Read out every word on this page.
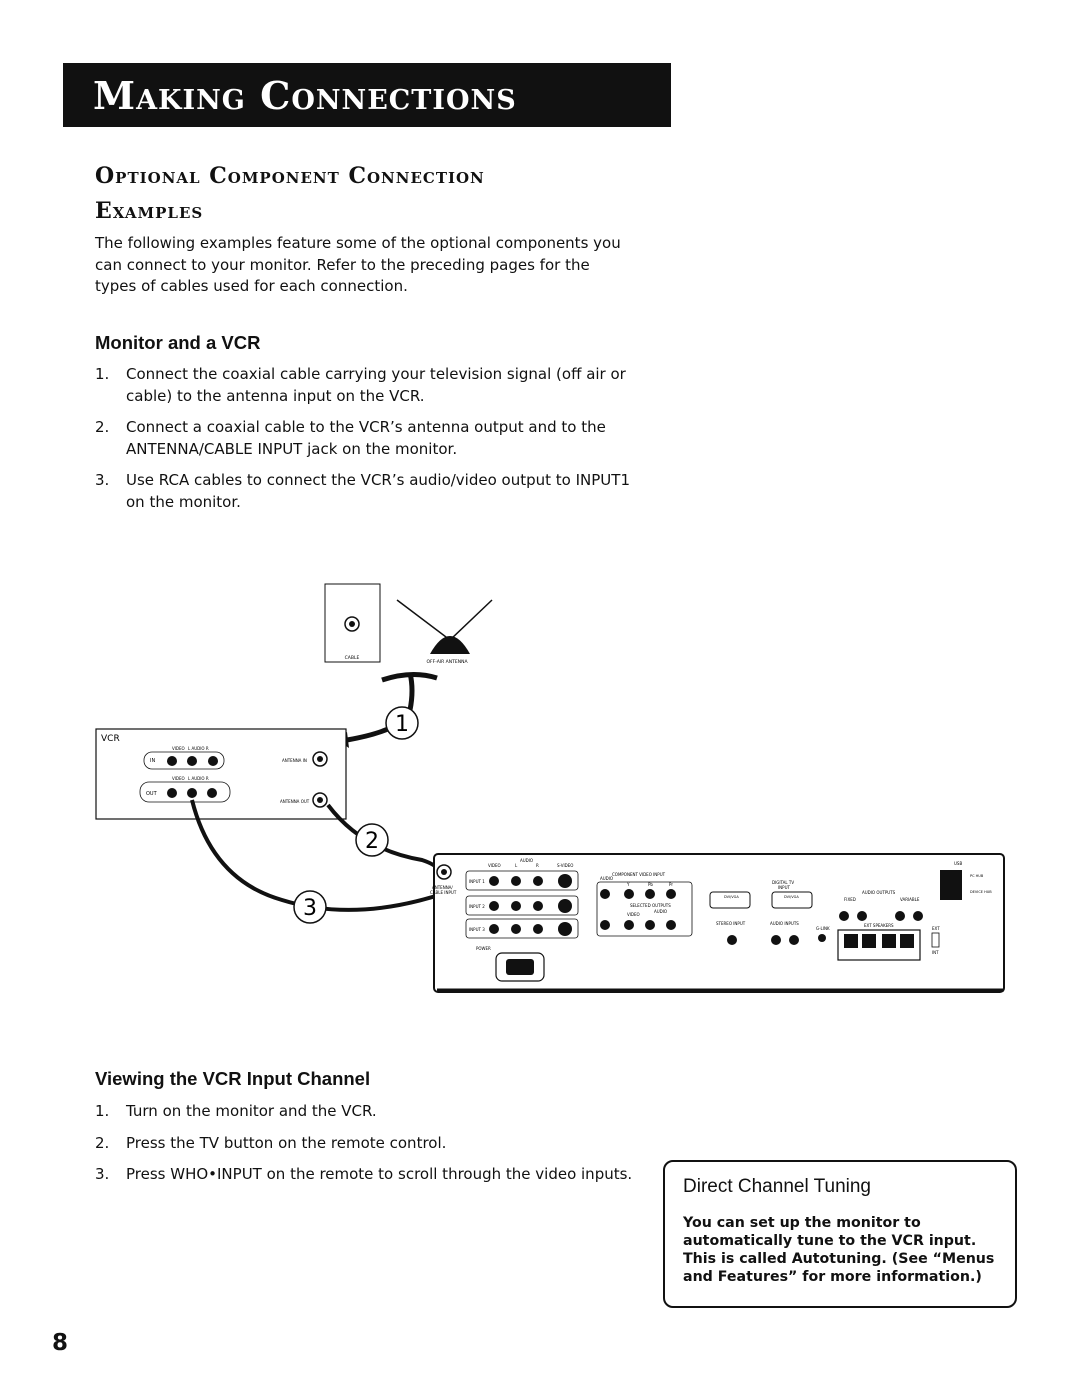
Making Connections
Optional Component Connection
Examples
The following examples feature some of the optional components you can connect to your monitor. Refer to the preceding pages for the types of cables used for each connection.
Monitor and a VCR
1. Connect the coaxial cable carrying your television signal (off air or cable) to the antenna input on the VCR.
2. Connect a coaxial cable to the VCR’s antenna output and to the ANTENNA/CABLE INPUT jack on the monitor.
3. Use RCA cables to connect the VCR’s audio/video output to INPUT1 on the monitor.
CABLE
OFF-AIR ANTENNA
1
VCR
VIDEO L AUDIO R
IN
VIDEO L AUDIO R
OUT
ANTENNA IN
ANTENNA OUT
2
3
ANTENNA/
CABLE INPUT
AUDIO
VIDEO	L	R	S-VIDEO
INPUT 1
INPUT 2
INPUT 3
POWER
COMPONENT VIDEO INPUT
AUDIO
Y	Pb	Pr
SELECTED OUTPUTS
VIDEO
AUDIO
DIGITAL TV
INPUT
DVI/VGA	DVI/VGA
STEREO INPUT	AUDIO INPUTS
G-LINK
AUDIO OUTPUTS
FIXED	VARIABLE
EXT SPEAKERS
EXT
INT
USB
PC HUB
DEVICE HUB
Viewing the VCR Input Channel
1. Turn on the monitor and the VCR.
2. Press the TV button on the remote control.
3. Press WHO•INPUT on the remote to scroll through the video inputs.
Direct Channel Tuning
You can set up the monitor to automatically tune to the VCR input. This is called Autotuning. (See “Menus and Features” for more information.)
8
